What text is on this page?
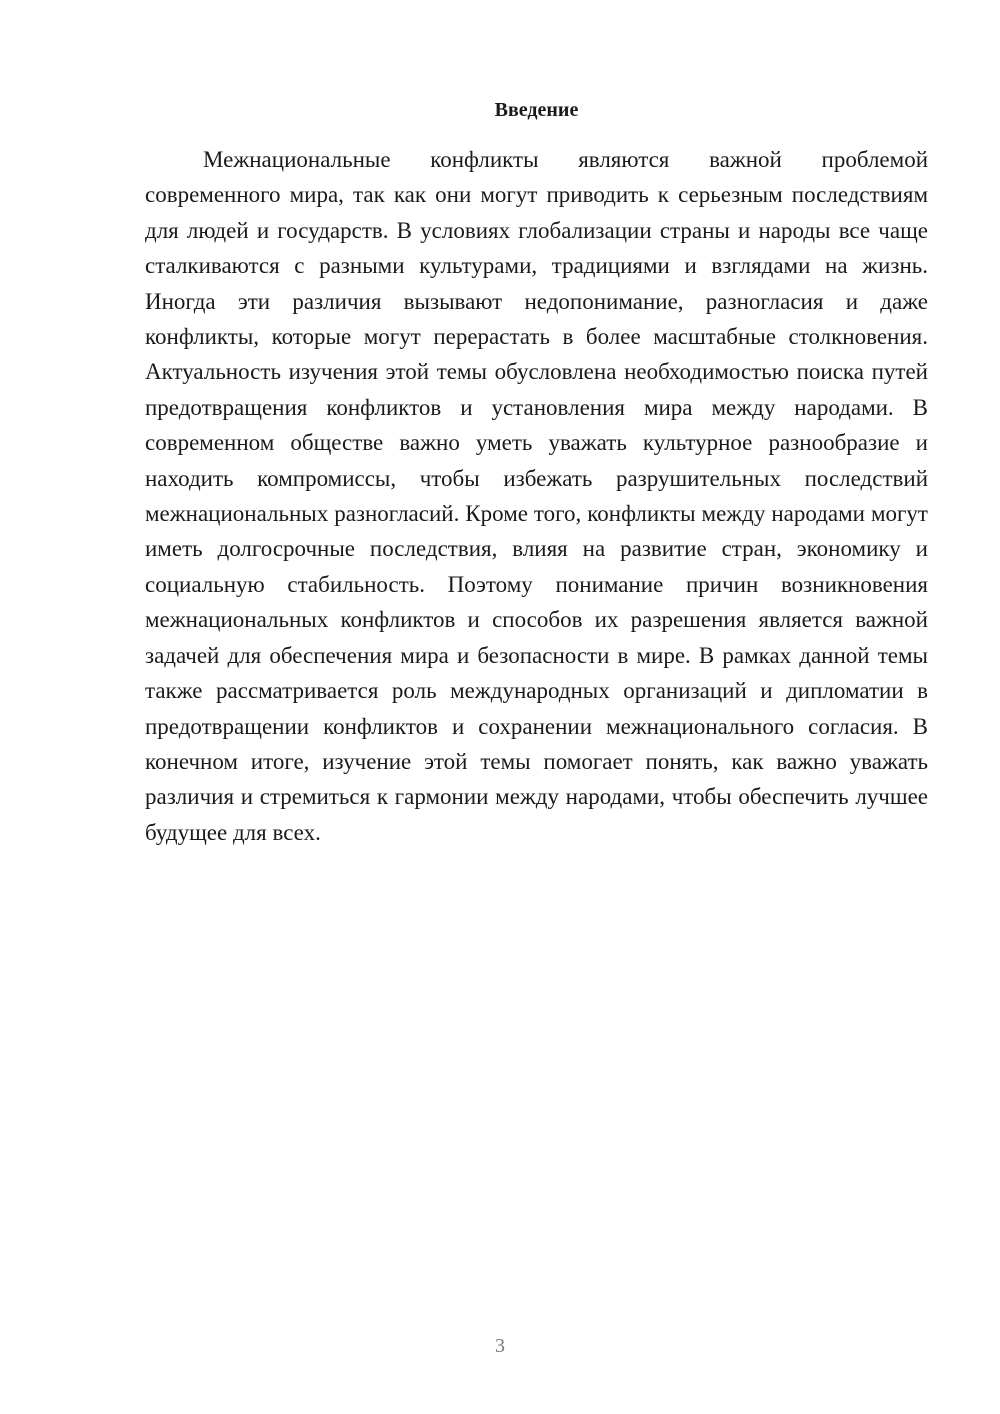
Введение

Межнациональные конфликты являются важной проблемой современного мира, так как они могут приводить к серьезным последствиям для людей и государств. В условиях глобализации страны и народы все чаще сталкиваются с разными культурами, традициями и взглядами на жизнь. Иногда эти различия вызывают недопонимание, разногласия и даже конфликты, которые могут перерастать в более масштабные столкновения. Актуальность изучения этой темы обусловлена необходимостью поиска путей предотвращения конфликтов и установления мира между народами. В современном обществе важно уметь уважать культурное разнообразие и находить компромиссы, чтобы избежать разрушительных последствий межнациональных разногласий. Кроме того, конфликты между народами могут иметь долгосрочные последствия, влияя на развитие стран, экономику и социальную стабильность. Поэтому понимание причин возникновения межнациональных конфликтов и способов их разрешения является важной задачей для обеспечения мира и безопасности в мире. В рамках данной темы также рассматривается роль международных организаций и дипломатии в предотвращении конфликтов и сохранении межнационального согласия. В конечном итоге, изучение этой темы помогает понять, как важно уважать различия и стремиться к гармонии между народами, чтобы обеспечить лучшее будущее для всех.

3
